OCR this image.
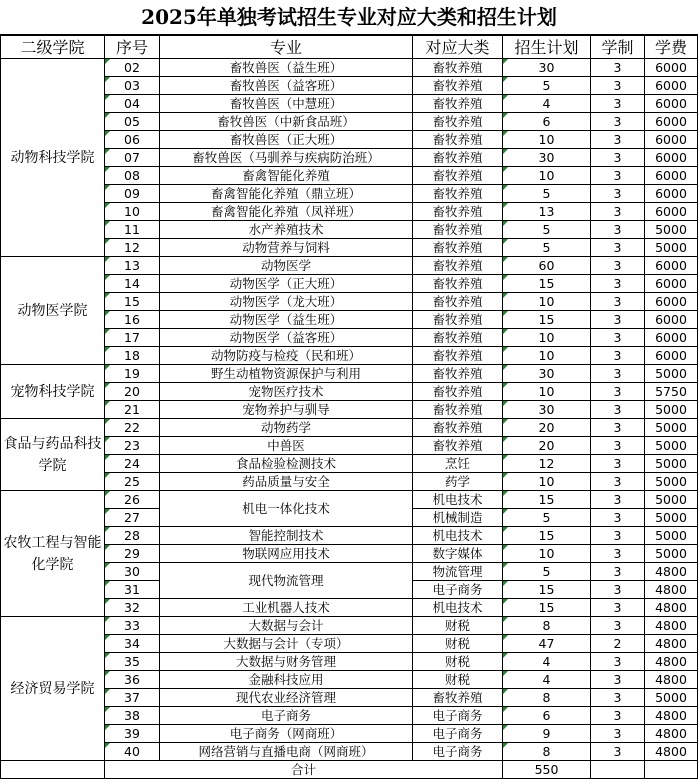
2025年单独考试招生专业对应大类和招生计划
二级学院	序号	专业	对应大类	招生计划	学制	学费
动物科技学院	02	畜牧兽医（益生班）	畜牧养殖	30	3	6000
	03	畜牧兽医（益客班）	畜牧养殖	5	3	6000
	04	畜牧兽医（中慧班）	畜牧养殖	4	3	6000
	05	畜牧兽医（中新食品班）	畜牧养殖	6	3	6000
	06	畜牧兽医（正大班）	畜牧养殖	10	3	6000
	07	畜牧兽医（马驯养与疾病防治班）	畜牧养殖	30	3	6000
	08	畜禽智能化养殖	畜牧养殖	10	3	6000
	09	畜禽智能化养殖（鼎立班）	畜牧养殖	5	3	6000
	10	畜禽智能化养殖（凤祥班）	畜牧养殖	13	3	6000
	11	水产养殖技术	畜牧养殖	5	3	5000
	12	动物营养与饲料	畜牧养殖	5	3	5000
动物医学院	13	动物医学	畜牧养殖	60	3	6000
	14	动物医学（正大班）	畜牧养殖	15	3	6000
	15	动物医学（龙大班）	畜牧养殖	10	3	6000
	16	动物医学（益生班）	畜牧养殖	15	3	6000
	17	动物医学（益客班）	畜牧养殖	10	3	6000
	18	动物防疫与检疫（民和班）	畜牧养殖	10	3	6000
宠物科技学院	19	野生动植物资源保护与利用	畜牧养殖	30	3	5000
	20	宠物医疗技术	畜牧养殖	10	3	5750
	21	宠物养护与驯导	畜牧养殖	30	3	5000
食品与药品科技学院	22	动物药学	畜牧养殖	20	3	5000
	23	中兽医	畜牧养殖	20	3	5000
	24	食品检验检测技术	烹饪	12	3	5000
	25	药品质量与安全	药学	10	3	5000
农牧工程与智能化学院	26	机电一体化技术	机电技术	15	3	5000
	27		机械制造	5	3	5000
	28	智能控制技术	机电技术	15	3	5000
	29	物联网应用技术	数字媒体	10	3	5000
	30	现代物流管理	物流管理	5	3	4800
	31		电子商务	15	3	4800
	32	工业机器人技术	机电技术	15	3	4800
经济贸易学院	33	大数据与会计	财税	8	3	4800
	34	大数据与会计（专项）	财税	47	2	4800
	35	大数据与财务管理	财税	4	3	4800
	36	金融科技应用	财税	4	3	4800
	37	现代农业经济管理	畜牧养殖	8	3	5000
	38	电子商务	电子商务	6	3	4800
	39	电子商务（网商班）	电子商务	9	3	4800
	40	网络营销与直播电商（网商班）	电子商务	8	3	4800
	合计			550		
